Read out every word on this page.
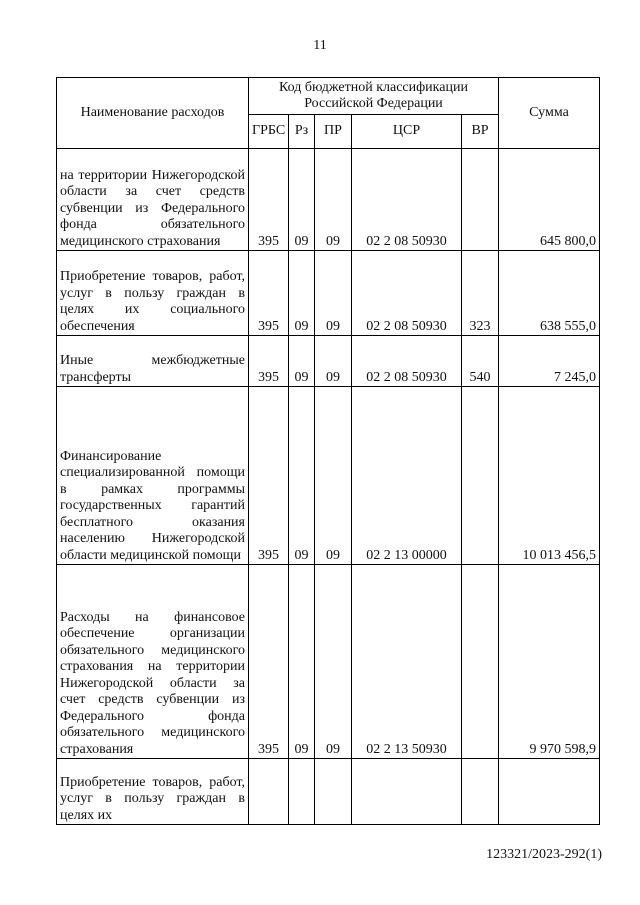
11
Наименование расходов	Код бюджетной классификации Российской Федерации					Сумма
	ГРБС	Рз	ПР	ЦСР	ВР	
на территории Нижегородской области за счет средств субвенции из Федерального фонда обязательного медицинского страхования	395	09	09	02 2 08 50930		645 800,0
Приобретение товаров, работ, услуг в пользу граждан в целях их социального обеспечения	395	09	09	02 2 08 50930	323	638 555,0
Иные межбюджетные трансферты	395	09	09	02 2 08 50930	540	7 245,0
Финансирование специализированной помощи в рамках программы государственных гарантий бесплатного оказания населению Нижегородской области медицинской помощи	395	09	09	02 2 13 00000		10 013 456,5
Расходы на финансовое обеспечение организации обязательного медицинского страхования на территории Нижегородской области за счет средств субвенции из Федерального фонда обязательного медицинского страхования	395	09	09	02 2 13 50930		9 970 598,9
Приобретение товаров, работ, услуг в пользу граждан в целях их						
123321/2023-292(1)
